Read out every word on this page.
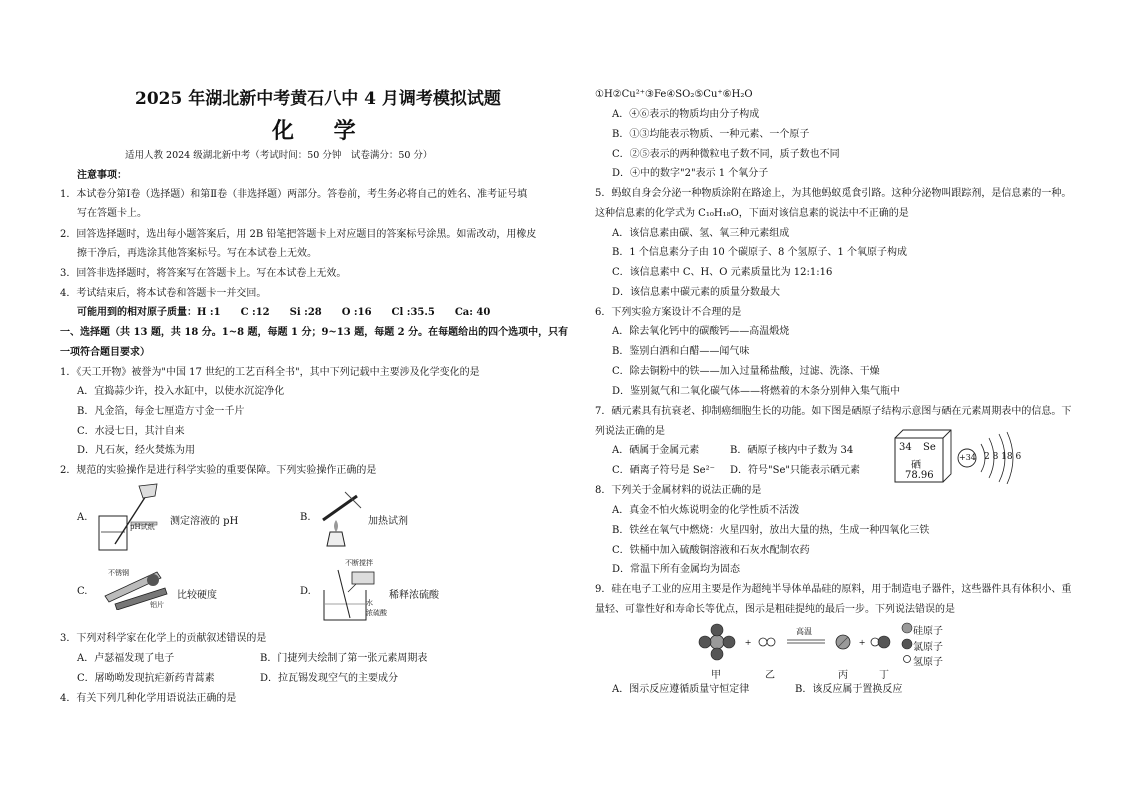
2025 年湖北新中考黄石八中 4 月调考模拟试题
化 学
适用人教 2024 级湖北新中考（考试时间：50 分钟　试卷满分：50 分）
注意事项：
1．本试卷分第Ⅰ卷（选择题）和第Ⅱ卷（非选择题）两部分。答卷前，考生务必将自己的姓名、准考证号填
写在答题卡上。
2．回答选择题时，选出每小题答案后，用 2B 铅笔把答题卡上对应题目的答案标号涂黑。如需改动，用橡皮
擦干净后，再选涂其他答案标号。写在本试卷上无效。
3．回答非选择题时，将答案写在答题卡上。写在本试卷上无效。
4．考试结束后，将本试卷和答题卡一并交回。
可能用到的相对原子质量：H :1　　C :12　　Si :28　　O :16　　Cl :35.5　　Ca: 40
一、选择题（共 13 题，共 18 分。1~8 题，每题 1 分；9~13 题，每题 2 分。在每题给出的四个选项中，只有
一项符合题目要求）
1．《天工开物》被誉为"中国 17 世纪的工艺百科全书"，其中下列记载中主要涉及化学变化的是
A．宜捣蒜少许，投入水缸中，以使水沉淀净化
B．凡金箔，每金七厘造方寸金一千片
C．水浸七日，其汁自来
D．凡石灰，经火焚炼为用
2．规范的实验操作是进行科学实验的重要保障。下列实验操作正确的是
A.
pH试纸 测定溶液的 pH	B.	加热试剂
C.
不锈钢
铝片
比较硬度	D.
不断搅拌
水
浓硫酸
稀释浓硫酸
3．下列对科学家在化学上的贡献叙述错误的是
A．卢瑟福发现了电子	B．门捷列夫绘制了第一张元素周期表
C．屠呦呦发现抗疟新药青蒿素	D．拉瓦锡发现空气的主要成分
4．有关下列几种化学用语说法正确的是
①H②Cu²⁺③Fe④SO₂⑤Cu⁺⑥H₂O
A．④⑥表示的物质均由分子构成
B．①③均能表示物质、一种元素、一个原子
C．②⑤表示的两种微粒电子数不同，质子数也不同
D．④中的数字"2"表示 1 个氧分子
5．蚂蚁自身会分泌一种物质涂附在路途上，为其他蚂蚁觅食引路。这种分泌物叫跟踪剂，是信息素的一种。
这种信息素的化学式为 C₁₀H₁₈O，下面对该信息素的说法中不正确的是
A．该信息素由碳、氢、氧三种元素组成
B．1 个信息素分子由 10 个碳原子、8 个氢原子、1 个氧原子构成
C．该信息素中 C、H、O 元素质量比为 12:1:16
D．该信息素中碳元素的质量分数最大
6．下列实验方案设计不合理的是
A．除去氧化钙中的碳酸钙——高温煅烧
B．鉴别白酒和白醋——闻气味
C．除去铜粉中的铁——加入过量稀盐酸，过滤、洗涤、干燥
D．鉴别氮气和二氧化碳气体——将燃着的木条分别伸入集气瓶中
7．硒元素具有抗衰老、抑制癌细胞生长的功能。如下图是硒原子结构示意图与硒在元素周期表中的信息。下
列说法正确的是
A．硒属于金属元素	B．硒原子核内中子数为 34
C．硒离子符号是 Se²⁻ D．符号"Se"只能表示硒元素
34 Se
硒
78.96
+34 2 8 18 6
8．下列关于金属材料的说法正确的是
A．真金不怕火炼说明金的化学性质不活泼
B．铁丝在氧气中燃烧：火星四射，放出大量的热，生成一种四氧化三铁
C．铁桶中加入硫酸铜溶液和石灰水配制农药
D．常温下所有金属均为固态
9．硅在电子工业的应用主要是作为超纯半导体单晶硅的原料，用于制造电子器件，这些器件具有体积小、重
量轻、可靠性好和寿命长等优点，图示是粗硅提纯的最后一步。下列说法错误的是
+	+
高温
甲	乙	丙	丁
硅原子
氯原子
氢原子
A．图示反应遵循质量守恒定律	B．该反应属于置换反应
